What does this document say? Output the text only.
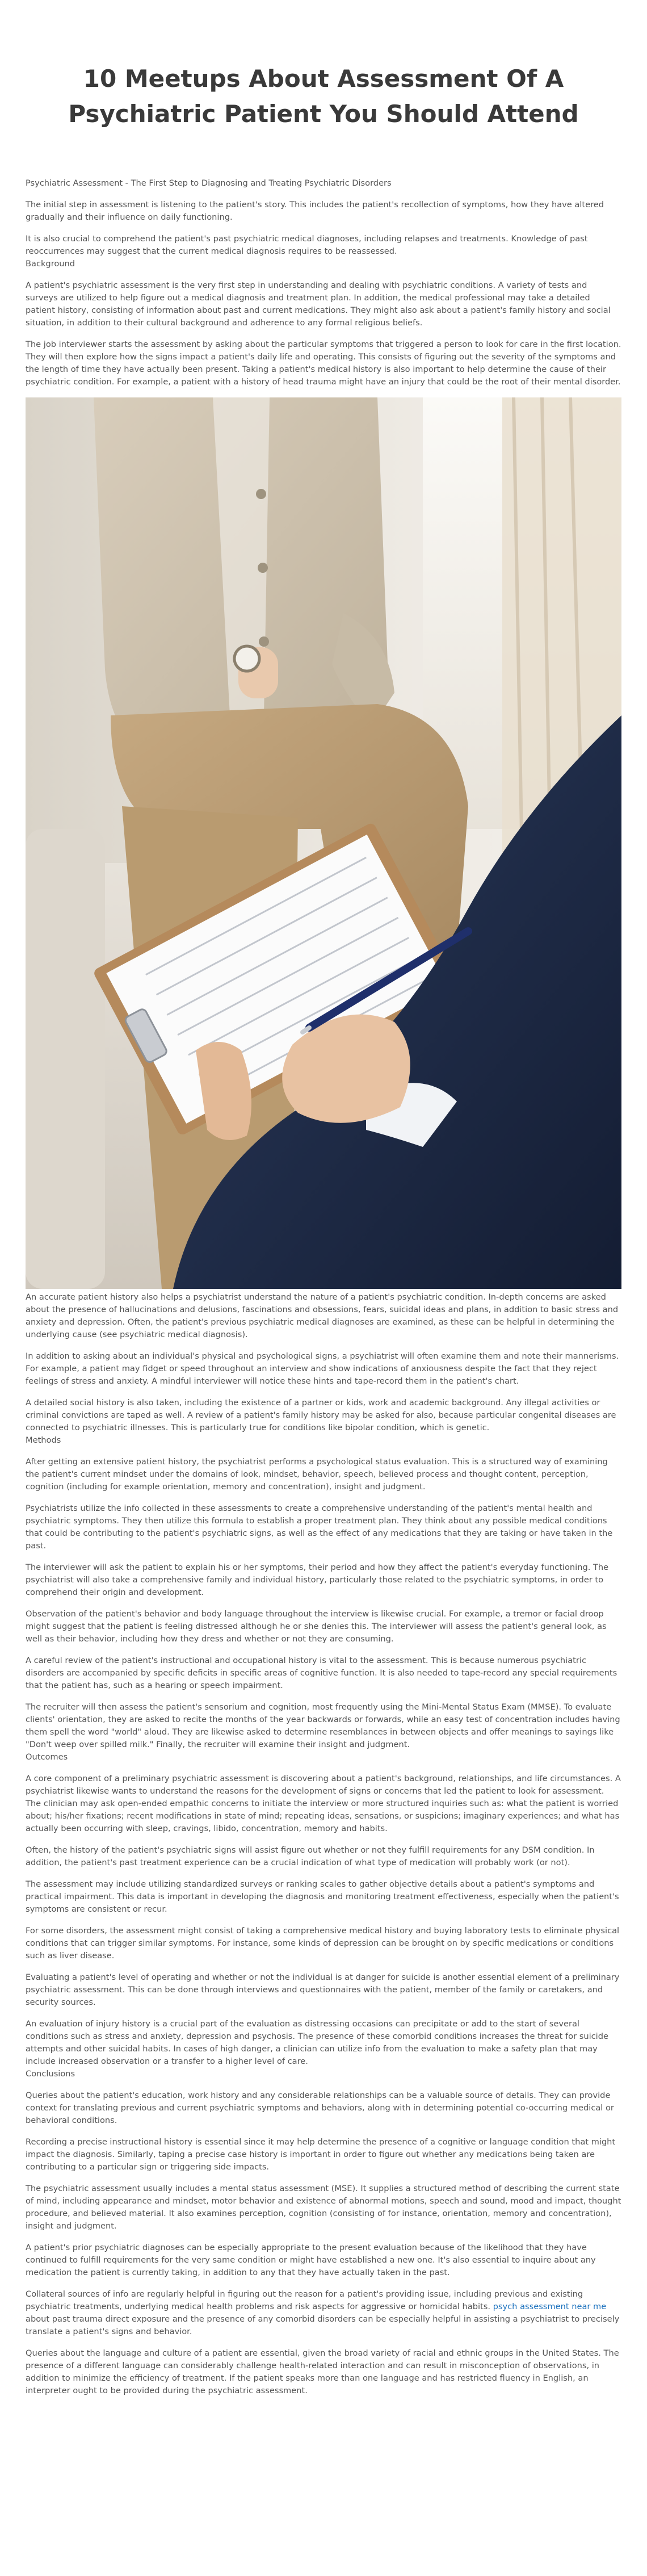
10 Meetups About Assessment Of A Psychiatric Patient You Should Attend

Psychiatric Assessment - The First Step to Diagnosing and Treating Psychiatric Disorders

The initial step in assessment is listening to the patient's story. This includes the patient's recollection of symptoms, how they have altered gradually and their influence on daily functioning.

It is also crucial to comprehend the patient's past psychiatric medical diagnoses, including relapses and treatments. Knowledge of past reoccurrences may suggest that the current medical diagnosis requires to be reassessed.
Background

A patient's psychiatric assessment is the very first step in understanding and dealing with psychiatric conditions. A variety of tests and surveys are utilized to help figure out a medical diagnosis and treatment plan. In addition, the medical professional may take a detailed patient history, consisting of information about past and current medications. They might also ask about a patient's family history and social situation, in addition to their cultural background and adherence to any formal religious beliefs.

The job interviewer starts the assessment by asking about the particular symptoms that triggered a person to look for care in the first location. They will then explore how the signs impact a patient's daily life and operating. This consists of figuring out the severity of the symptoms and the length of time they have actually been present. Taking a patient's medical history is also important to help determine the cause of their psychiatric condition. For example, a patient with a history of head trauma might have an injury that could be the root of their mental disorder.

An accurate patient history also helps a psychiatrist understand the nature of a patient's psychiatric condition. In-depth concerns are asked about the presence of hallucinations and delusions, fascinations and obsessions, fears, suicidal ideas and plans, in addition to basic stress and anxiety and depression. Often, the patient's previous psychiatric medical diagnoses are examined, as these can be helpful in determining the underlying cause (see psychiatric medical diagnosis).

In addition to asking about an individual's physical and psychological signs, a psychiatrist will often examine them and note their mannerisms. For example, a patient may fidget or speed throughout an interview and show indications of anxiousness despite the fact that they reject feelings of stress and anxiety. A mindful interviewer will notice these hints and tape-record them in the patient's chart.

A detailed social history is also taken, including the existence of a partner or kids, work and academic background. Any illegal activities or criminal convictions are taped as well. A review of a patient's family history may be asked for also, because particular congenital diseases are connected to psychiatric illnesses. This is particularly true for conditions like bipolar condition, which is genetic.
Methods

After getting an extensive patient history, the psychiatrist performs a psychological status evaluation. This is a structured way of examining the patient's current mindset under the domains of look, mindset, behavior, speech, believed process and thought content, perception, cognition (including for example orientation, memory and concentration), insight and judgment.

Psychiatrists utilize the info collected in these assessments to create a comprehensive understanding of the patient's mental health and psychiatric symptoms. They then utilize this formula to establish a proper treatment plan. They think about any possible medical conditions that could be contributing to the patient's psychiatric signs, as well as the effect of any medications that they are taking or have taken in the past.

The interviewer will ask the patient to explain his or her symptoms, their period and how they affect the patient's everyday functioning. The psychiatrist will also take a comprehensive family and individual history, particularly those related to the psychiatric symptoms, in order to comprehend their origin and development.

Observation of the patient's behavior and body language throughout the interview is likewise crucial. For example, a tremor or facial droop might suggest that the patient is feeling distressed although he or she denies this. The interviewer will assess the patient's general look, as well as their behavior, including how they dress and whether or not they are consuming.

A careful review of the patient's instructional and occupational history is vital to the assessment. This is because numerous psychiatric disorders are accompanied by specific deficits in specific areas of cognitive function. It is also needed to tape-record any special requirements that the patient has, such as a hearing or speech impairment.

The recruiter will then assess the patient's sensorium and cognition, most frequently using the Mini-Mental Status Exam (MMSE). To evaluate clients' orientation, they are asked to recite the months of the year backwards or forwards, while an easy test of concentration includes having them spell the word "world" aloud. They are likewise asked to determine resemblances in between objects and offer meanings to sayings like "Don't weep over spilled milk." Finally, the recruiter will examine their insight and judgment.
Outcomes

A core component of a preliminary psychiatric assessment is discovering about a patient's background, relationships, and life circumstances. A psychiatrist likewise wants to understand the reasons for the development of signs or concerns that led the patient to look for assessment. The clinician may ask open-ended empathic concerns to initiate the interview or more structured inquiries such as: what the patient is worried about; his/her fixations; recent modifications in state of mind; repeating ideas, sensations, or suspicions; imaginary experiences; and what has actually been occurring with sleep, cravings, libido, concentration, memory and habits.

Often, the history of the patient's psychiatric signs will assist figure out whether or not they fulfill requirements for any DSM condition. In addition, the patient's past treatment experience can be a crucial indication of what type of medication will probably work (or not).

The assessment may include utilizing standardized surveys or ranking scales to gather objective details about a patient's symptoms and practical impairment. This data is important in developing the diagnosis and monitoring treatment effectiveness, especially when the patient's symptoms are consistent or recur.

For some disorders, the assessment might consist of taking a comprehensive medical history and buying laboratory tests to eliminate physical conditions that can trigger similar symptoms. For instance, some kinds of depression can be brought on by specific medications or conditions such as liver disease.

Evaluating a patient's level of operating and whether or not the individual is at danger for suicide is another essential element of a preliminary psychiatric assessment. This can be done through interviews and questionnaires with the patient, member of the family or caretakers, and security sources.

An evaluation of injury history is a crucial part of the evaluation as distressing occasions can precipitate or add to the start of several conditions such as stress and anxiety, depression and psychosis. The presence of these comorbid conditions increases the threat for suicide attempts and other suicidal habits. In cases of high danger, a clinician can utilize info from the evaluation to make a safety plan that may include increased observation or a transfer to a higher level of care.
Conclusions

Queries about the patient's education, work history and any considerable relationships can be a valuable source of details. They can provide context for translating previous and current psychiatric symptoms and behaviors, along with in determining potential co-occurring medical or behavioral conditions.

Recording a precise instructional history is essential since it may help determine the presence of a cognitive or language condition that might impact the diagnosis. Similarly, taping a precise case history is important in order to figure out whether any medications being taken are contributing to a particular sign or triggering side impacts.

The psychiatric assessment usually includes a mental status assessment (MSE). It supplies a structured method of describing the current state of mind, including appearance and mindset, motor behavior and existence of abnormal motions, speech and sound, mood and impact, thought procedure, and believed material. It also examines perception, cognition (consisting of for instance, orientation, memory and concentration), insight and judgment.

A patient's prior psychiatric diagnoses can be especially appropriate to the present evaluation because of the likelihood that they have continued to fulfill requirements for the very same condition or might have established a new one. It's also essential to inquire about any medication the patient is currently taking, in addition to any that they have actually taken in the past.

Collateral sources of info are regularly helpful in figuring out the reason for a patient's providing issue, including previous and existing psychiatric treatments, underlying medical health problems and risk aspects for aggressive or homicidal habits. psych assessment near me about past trauma direct exposure and the presence of any comorbid disorders can be especially helpful in assisting a psychiatrist to precisely translate a patient's signs and behavior.

Queries about the language and culture of a patient are essential, given the broad variety of racial and ethnic groups in the United States. The presence of a different language can considerably challenge health-related interaction and can result in misconception of observations, in addition to minimize the efficiency of treatment. If the patient speaks more than one language and has restricted fluency in English, an interpreter ought to be provided during the psychiatric assessment.
